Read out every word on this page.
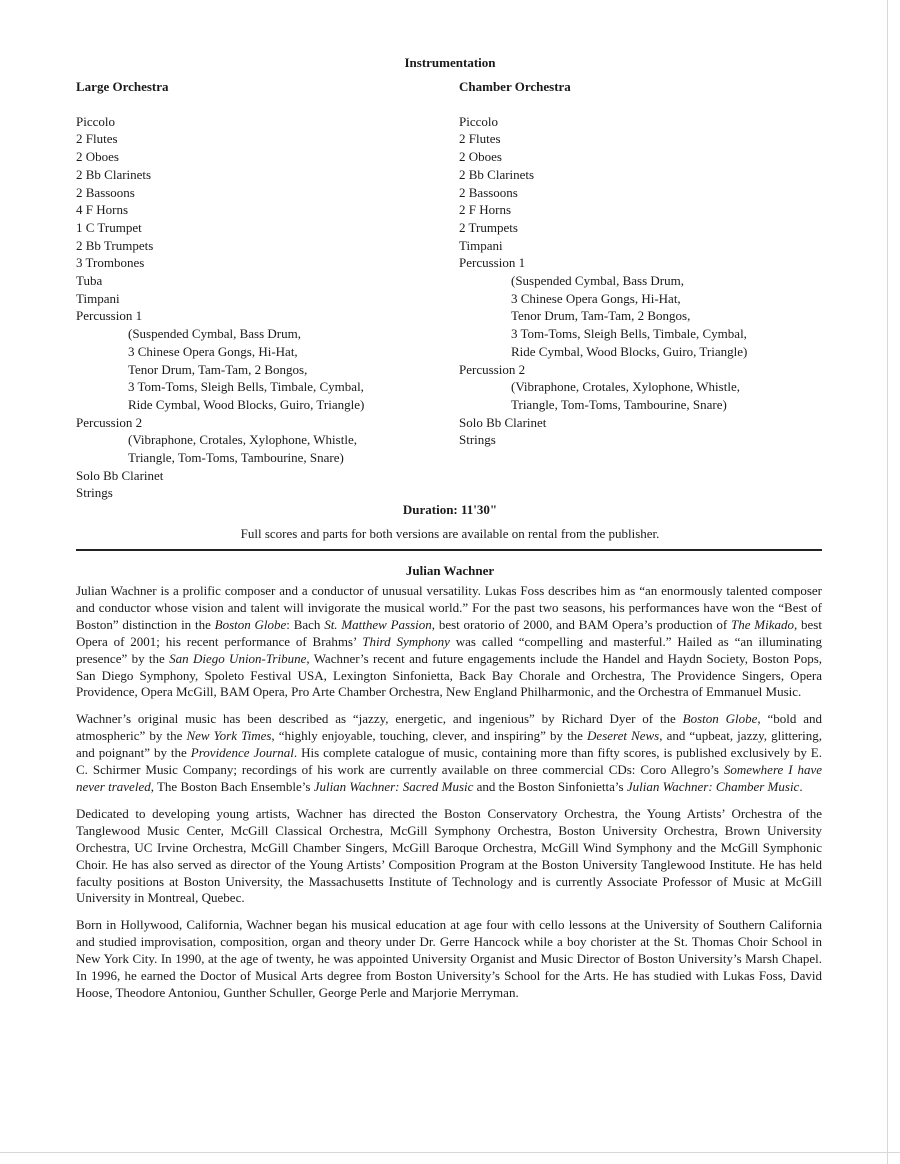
Instrumentation
Large Orchestra
Piccolo
2 Flutes
2 Oboes
2 Bb Clarinets
2 Bassoons
4 F Horns
1 C Trumpet
2 Bb Trumpets
3 Trombones
Tuba
Timpani
Percussion 1
(Suspended Cymbal, Bass Drum,
3 Chinese Opera Gongs, Hi-Hat,
Tenor Drum, Tam-Tam, 2 Bongos,
3 Tom-Toms, Sleigh Bells, Timbale, Cymbal,
Ride Cymbal, Wood Blocks, Guiro, Triangle)
Percussion 2
(Vibraphone, Crotales, Xylophone, Whistle,
Triangle, Tom-Toms, Tambourine, Snare)
Solo Bb Clarinet
Strings
Chamber Orchestra
Piccolo
2 Flutes
2 Oboes
2 Bb Clarinets
2 Bassoons
2 F Horns
2 Trumpets
Timpani
Percussion 1
(Suspended Cymbal, Bass Drum,
3 Chinese Opera Gongs, Hi-Hat,
Tenor Drum, Tam-Tam, 2 Bongos,
3 Tom-Toms, Sleigh Bells, Timbale, Cymbal,
Ride Cymbal, Wood Blocks, Guiro, Triangle)
Percussion 2
(Vibraphone, Crotales, Xylophone, Whistle,
Triangle, Tom-Toms, Tambourine, Snare)
Solo Bb Clarinet
Strings
Duration: 11'30"
Full scores and parts for both versions are available on rental from the publisher.
Julian Wachner

Julian Wachner is a prolific composer and a conductor of unusual versatility. Lukas Foss describes him as “an enormously talented composer and conductor whose vision and talent will invigorate the musical world.” For the past two seasons, his performances have won the “Best of Boston” distinction in the Boston Globe: Bach St. Matthew Passion, best oratorio of 2000, and BAM Opera’s production of The Mikado, best Opera of 2001; his recent performance of Brahms’ Third Symphony was called “compelling and masterful.” Hailed as “an illuminating presence” by the San Diego Union-Tribune, Wachner’s recent and future engagements include the Handel and Haydn Society, Boston Pops, San Diego Symphony, Spoleto Festival USA, Lexington Sinfonietta, Back Bay Chorale and Orchestra, The Providence Singers, Opera Providence, Opera McGill, BAM Opera, Pro Arte Chamber Orchestra, New England Philharmonic, and the Orchestra of Emmanuel Music.

Wachner’s original music has been described as “jazzy, energetic, and ingenious” by Richard Dyer of the Boston Globe, “bold and atmospheric” by the New York Times, “highly enjoyable, touching, clever, and inspiring” by the Deseret News, and “upbeat, jazzy, glittering, and poignant” by the Providence Journal. His complete catalogue of music, containing more than fifty scores, is published exclusively by E. C. Schirmer Music Company; recordings of his work are currently available on three commercial CDs: Coro Allegro’s Somewhere I have never traveled, The Boston Bach Ensemble’s Julian Wachner: Sacred Music and the Boston Sinfonietta’s Julian Wachner: Chamber Music.

Dedicated to developing young artists, Wachner has directed the Boston Conservatory Orchestra, the Young Artists’ Orchestra of the Tanglewood Music Center, McGill Classical Orchestra, McGill Symphony Orchestra, Boston University Orchestra, Brown University Orchestra, UC Irvine Orchestra, McGill Chamber Singers, McGill Baroque Orchestra, McGill Wind Symphony and the McGill Symphonic Choir. He has also served as director of the Young Artists’ Composition Program at the Boston University Tanglewood Institute. He has held faculty positions at Boston University, the Massachusetts Institute of Technology and is currently Associate Professor of Music at McGill University in Montreal, Quebec.

Born in Hollywood, California, Wachner began his musical education at age four with cello lessons at the University of Southern California and studied improvisation, composition, organ and theory under Dr. Gerre Hancock while a boy chorister at the St. Thomas Choir School in New York City. In 1990, at the age of twenty, he was appointed University Organist and Music Director of Boston University’s Marsh Chapel. In 1996, he earned the Doctor of Musical Arts degree from Boston University’s School for the Arts. He has studied with Lukas Foss, David Hoose, Theodore Antoniou, Gunther Schuller, George Perle and Marjorie Merryman.
